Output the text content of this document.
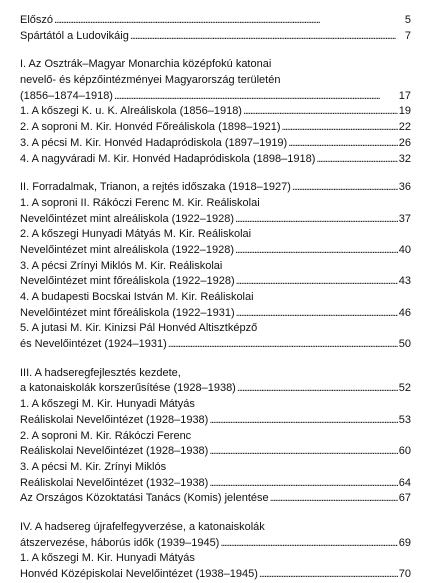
Előszó . . .	5
Spártától a Ludovikáig . . .	7
I. Az Osztrák–Magyar Monarchia középfokú katonai
nevelő- és képzőintézményei Magyarország területén
(1856–1874–1918) . . .	17
1. A kőszegi K. u. K. Alreáliskola (1856–1918) . . .	19
2. A soproni M. Kir. Honvéd Főreáliskola (1898–1921) . . .	22
3. A pécsi M. Kir. Honvéd Hadapródiskola (1897–1919) . . .	26
4. A nagyváradi M. Kir. Honvéd Hadapródiskola (1898–1918) . . .	32
II. Forradalmak, Trianon, a rejtés időszaka (1918–1927) . . .	36
1. A soproni II. Rákóczi Ferenc M. Kir. Reáliskolai
Nevelőintézet mint alreáliskola (1922–1928) . . .	37
2. A kőszegi Hunyadi Mátyás M. Kir. Reáliskolai
Nevelőintézet mint alreáliskola (1922–1928) . . .	40
3. A pécsi Zrínyi Miklós M. Kir. Reáliskolai
Nevelőintézet mint főreáliskola (1922–1928) . . .	43
4. A budapesti Bocskai István M. Kir. Reáliskolai
Nevelőintézet mint főreáliskola (1922–1931) . . .	46
5. A jutasi M. Kir. Kinizsi Pál Honvéd Altisztképző
és Nevelőintézet (1924–1931) . . .	50
III. A hadseregfejlesztés kezdete,
a katonaiskolák korszerűsítése (1928–1938) . . .	52
1. A kőszegi M. Kir. Hunyadi Mátyás
Reáliskolai Nevelőintézet (1928–1938) . . .	53
2. A soproni M. Kir. Rákóczi Ferenc
Reáliskolai Nevelőintézet (1928–1938) . . .	60
3. A pécsi M. Kir. Zrínyi Miklós
Reáliskolai Nevelőintézet (1932–1938) . . .	64
Az Országos Közoktatási Tanács (Komis) jelentése . . .	67
IV. A hadsereg újrafelfegyverzése, a katonaiskolák
átszervezése, háborús idők (1939–1945) . . .	69
1. A kőszegi M. Kir. Hunyadi Mátyás
Honvéd Középiskolai Nevelőintézet (1938–1945) . . .	70
